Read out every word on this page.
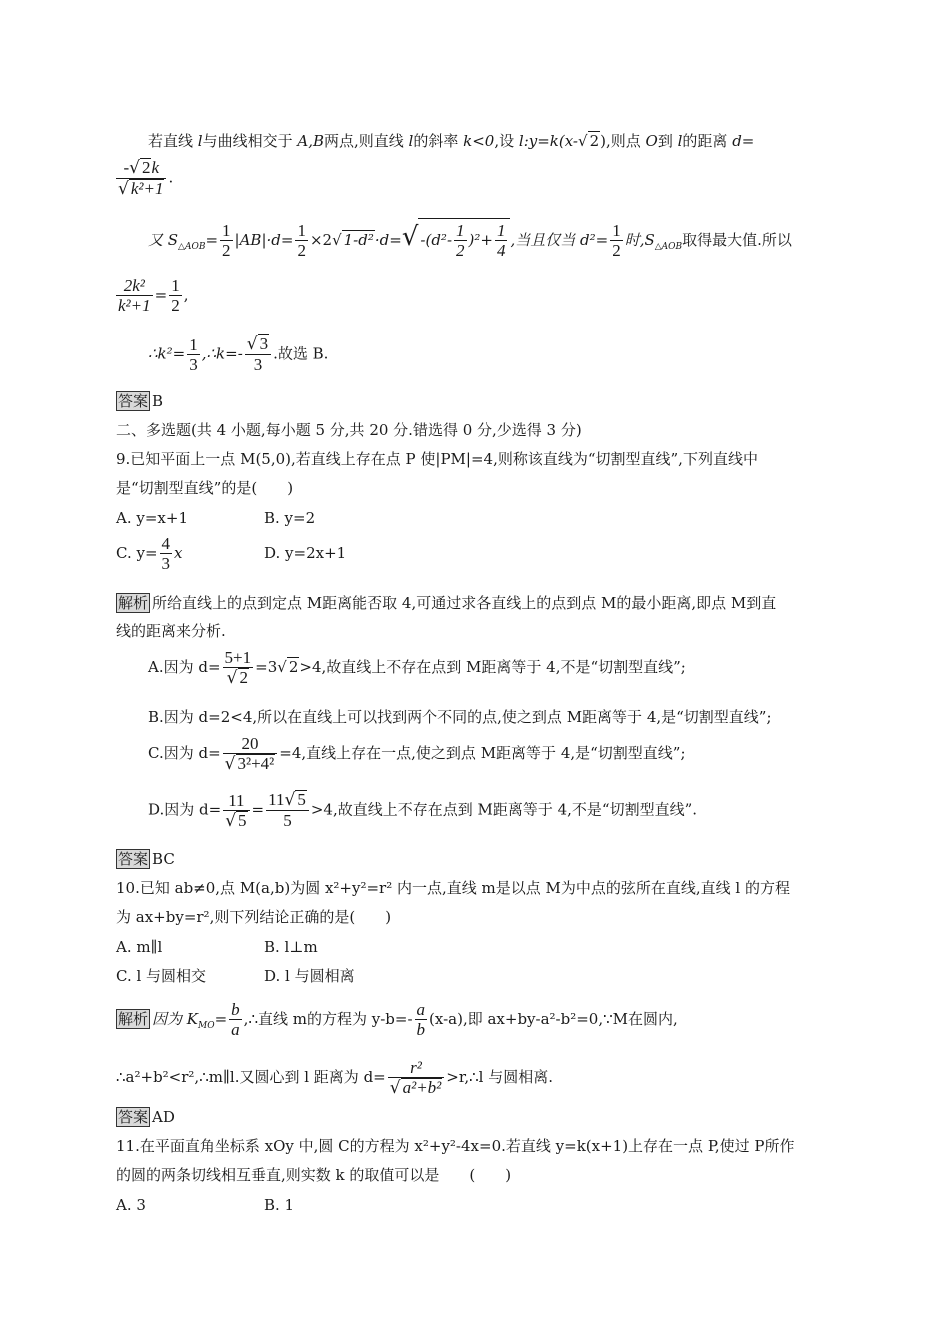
若直线 l与曲线相交于 A,B两点,则直线 l的斜率 k<0,设 l:y=k(x-√ 2),则点 O到 l的距离 d=
$\frac{-√ 2k}{\text{√ k²+1}}$ .
又 $S_{\triangle AOB}= \frac{1}{2} |AB|\cdot d= \frac{1}{2} \times 2√$ 1-d²·d=√ $-(d^2- \frac{1}{2} )^2+ \frac{1}{4}$ ,当且仅当 $d^2= \frac{1}{2}$ 时$,S_{\triangle AOB}$取得最大值.所以
$\frac{\text{2k²}}{\text{k²+1}} = \frac{1}{2}$ ,
∴k²= $\frac{1}{3}$ ,∴k=- $\frac{√ 3}{3}$ .故选 B.
答案 B
二、多选题(共 4 小题,每小题 5 分,共 20 分.错选得 0 分,少选得 3 分)
9.已知平面上一点 M(5,0),若直线上存在点 P 使|PM|=4,则称该直线为“切割型直线”,下列直线中
是“切割型直线”的是(　　)
A. y=x+1	B. y=2
C. $y= \frac{4}{3}$ x	D. y=2x+1
解析 所给直线上的点到定点 M距离能否取 4,可通过求各直线上的点到点 M的最小距离,即点 M到直
线的距离来分析.
A.因为 $d= \frac{5+1}{√ 2} =3√$ 2>4,故直线上不存在点到 M距离等于 4,不是“切割型直线”;
B.因为 d=2<4,所以在直线上可以找到两个不同的点,使之到点 M距离等于 4,是“切割型直线”;
C.因为 $d= \frac{20}{\text{√ 3²+4²}} =4$,直线上存在一点,使之到点 M距离等于 4,是“切割型直线”;
D.因为 $d= \frac{11}{√ 5} = \frac{11√ 5}{5} >4$,故直线上不存在点到 M距离等于 4,不是“切割型直线”.
答案 BC
10.已知 ab≠0,点 M(a,b)为圆 x²+y²=r² 内一点,直线 m是以点 M为中点的弦所在直线,直线 l 的方程
为 ax+by=r²,则下列结论正确的是(　　)
A. m∥l	B. l⊥m
C. l 与圆相交	D. l 与圆相离
解析 因为 $K_{MO}= \frac{b}{a}$ ,∴直线 m的方程为 $y-b=- \frac{a}{b} (x-a)$,即 ax+by-a²-b²=0,∵M在圆内,
∴a²+b²<r²,∴m∥l.又圆心到 l 距离为 $d= \frac{\text{r²}}{\text{√ a²+b²}}$ >r,∴l 与圆相离.
答案 AD
11.在平面直角坐标系 xOy 中,圆 C的方程为 x²+y²-4x=0.若直线 y=k(x+1)上存在一点 P,使过 P所作
的圆的两条切线相互垂直,则实数 k 的取值可以是　　(　　)
A. 3	B. 1
